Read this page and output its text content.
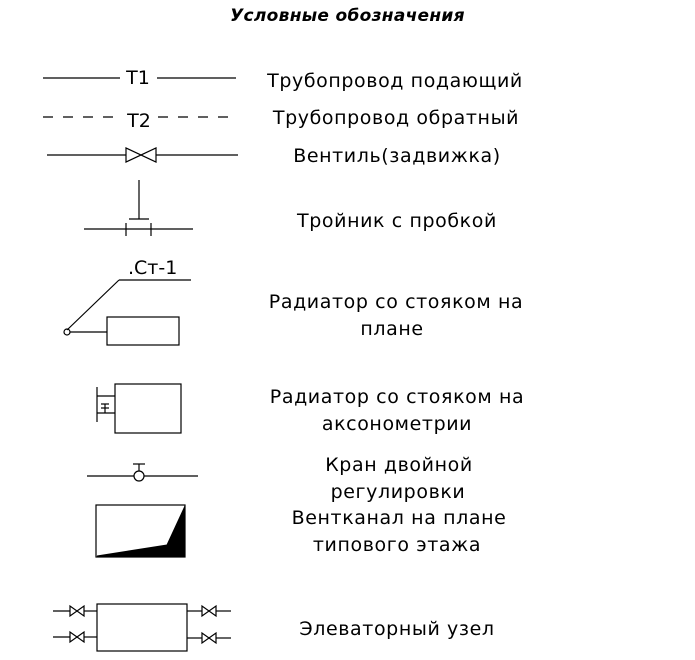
Условные обозначения
Т1	Трубопровод подающий
Т2	Трубопровод обратный
Вентиль(задвижка)
Тройник с пробкой
.Ст-1
Радиатор со стояком на
плане
Радиатор со стояком на
аксонометрии
Кран двойной
регулировки
Вентканал на плане
типового этажа
Элеваторный узел
